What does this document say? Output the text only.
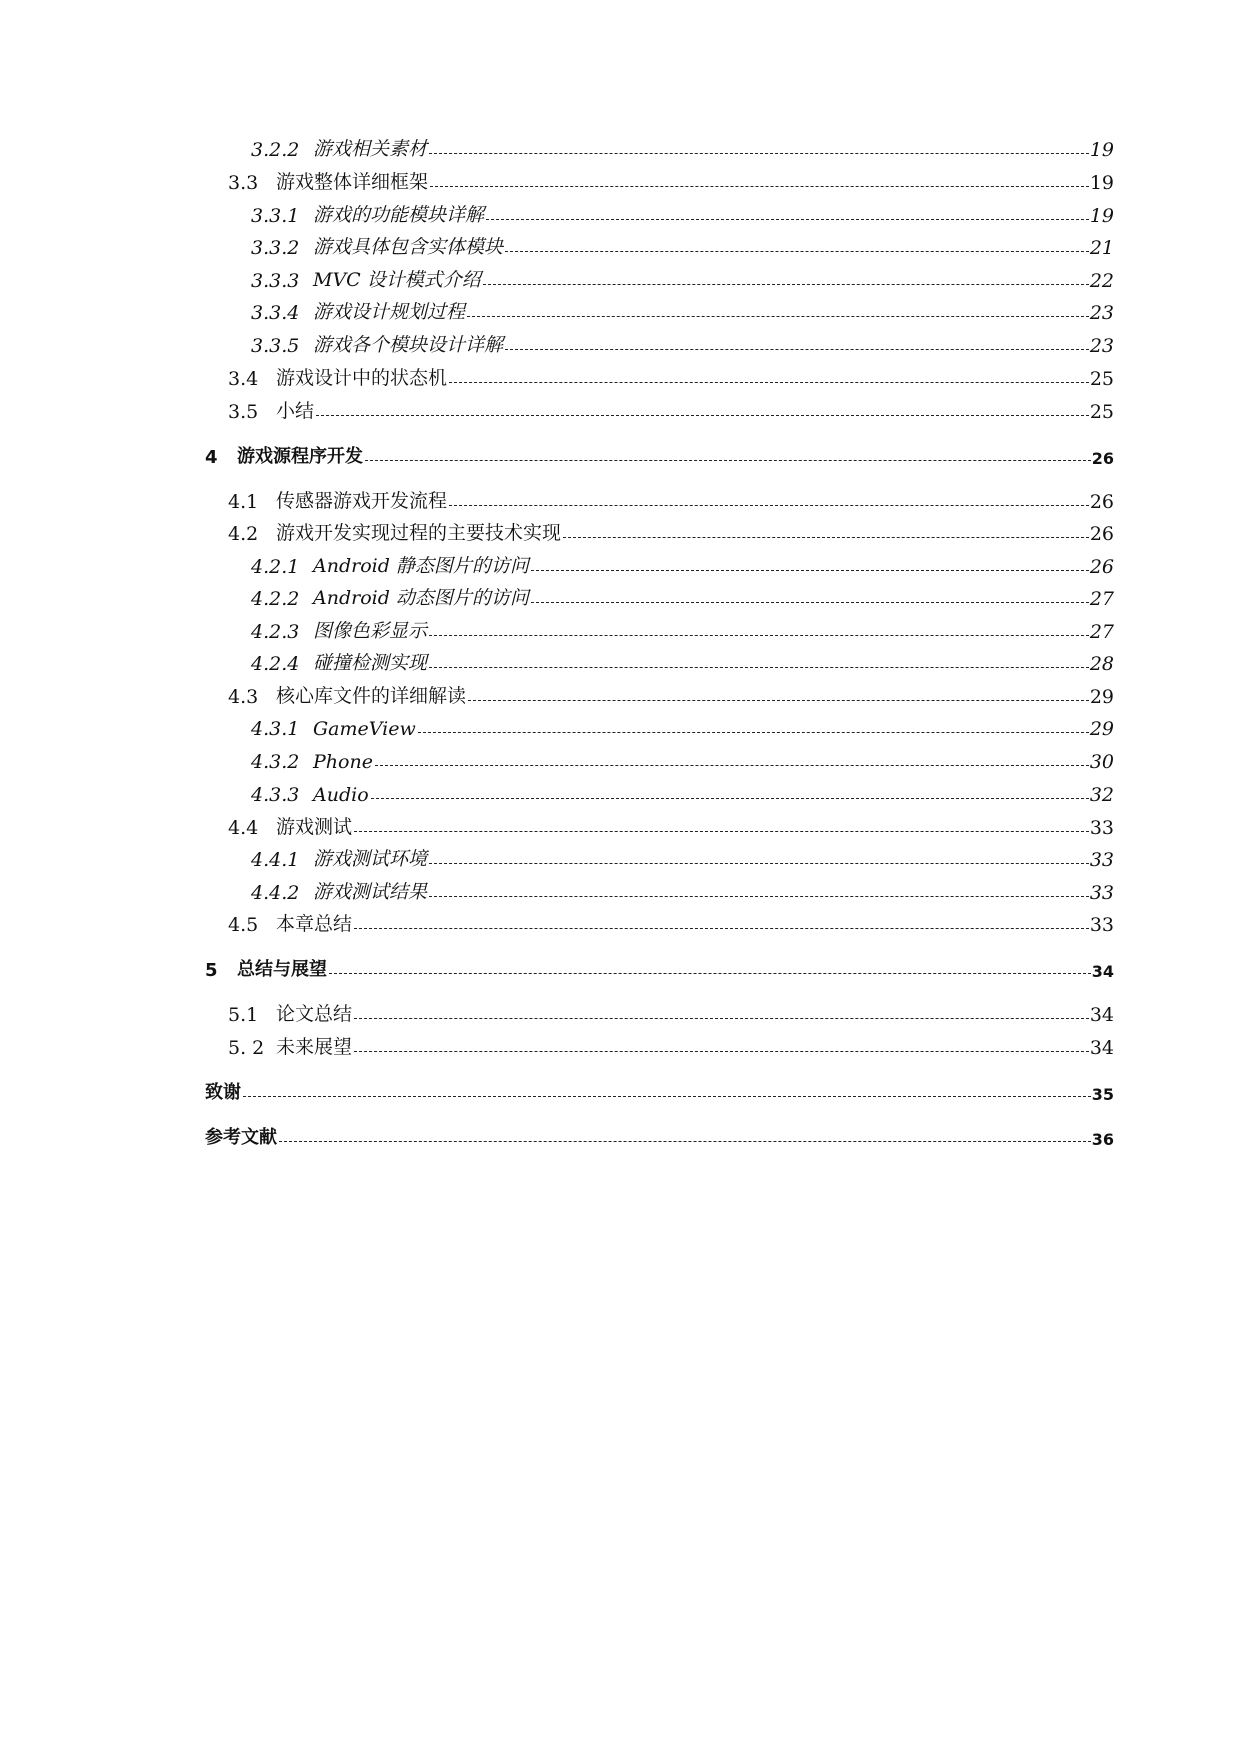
3.2.2 游戏相关素材	19
3.3 游戏整体详细框架	19
3.3.1 游戏的功能模块详解	19
3.3.2 游戏具体包含实体模块	21
3.3.3 MVC 设计模式介绍	22
3.3.4 游戏设计规划过程	23
3.3.5 游戏各个模块设计详解	23
3.4 游戏设计中的状态机	25
3.5 小结	25
4	游戏源程序开发	26
4.1 传感器游戏开发流程	26
4.2 游戏开发实现过程的主要技术实现	26
4.2.1 Android 静态图片的访问	26
4.2.2 Android 动态图片的访问	27
4.2.3 图像色彩显示	27
4.2.4 碰撞检测实现	28
4.3 核心库文件的详细解读	29
4.3.1 GameView	29
4.3.2 Phone	30
4.3.3 Audio	32
4.4 游戏测试	33
4.4.1 游戏测试环境	33
4.4.2 游戏测试结果	33
4.5 本章总结	33
5	总结与展望	34
5.1 论文总结	34
5. 2 未来展望	34
致谢	35
参考文献	36
